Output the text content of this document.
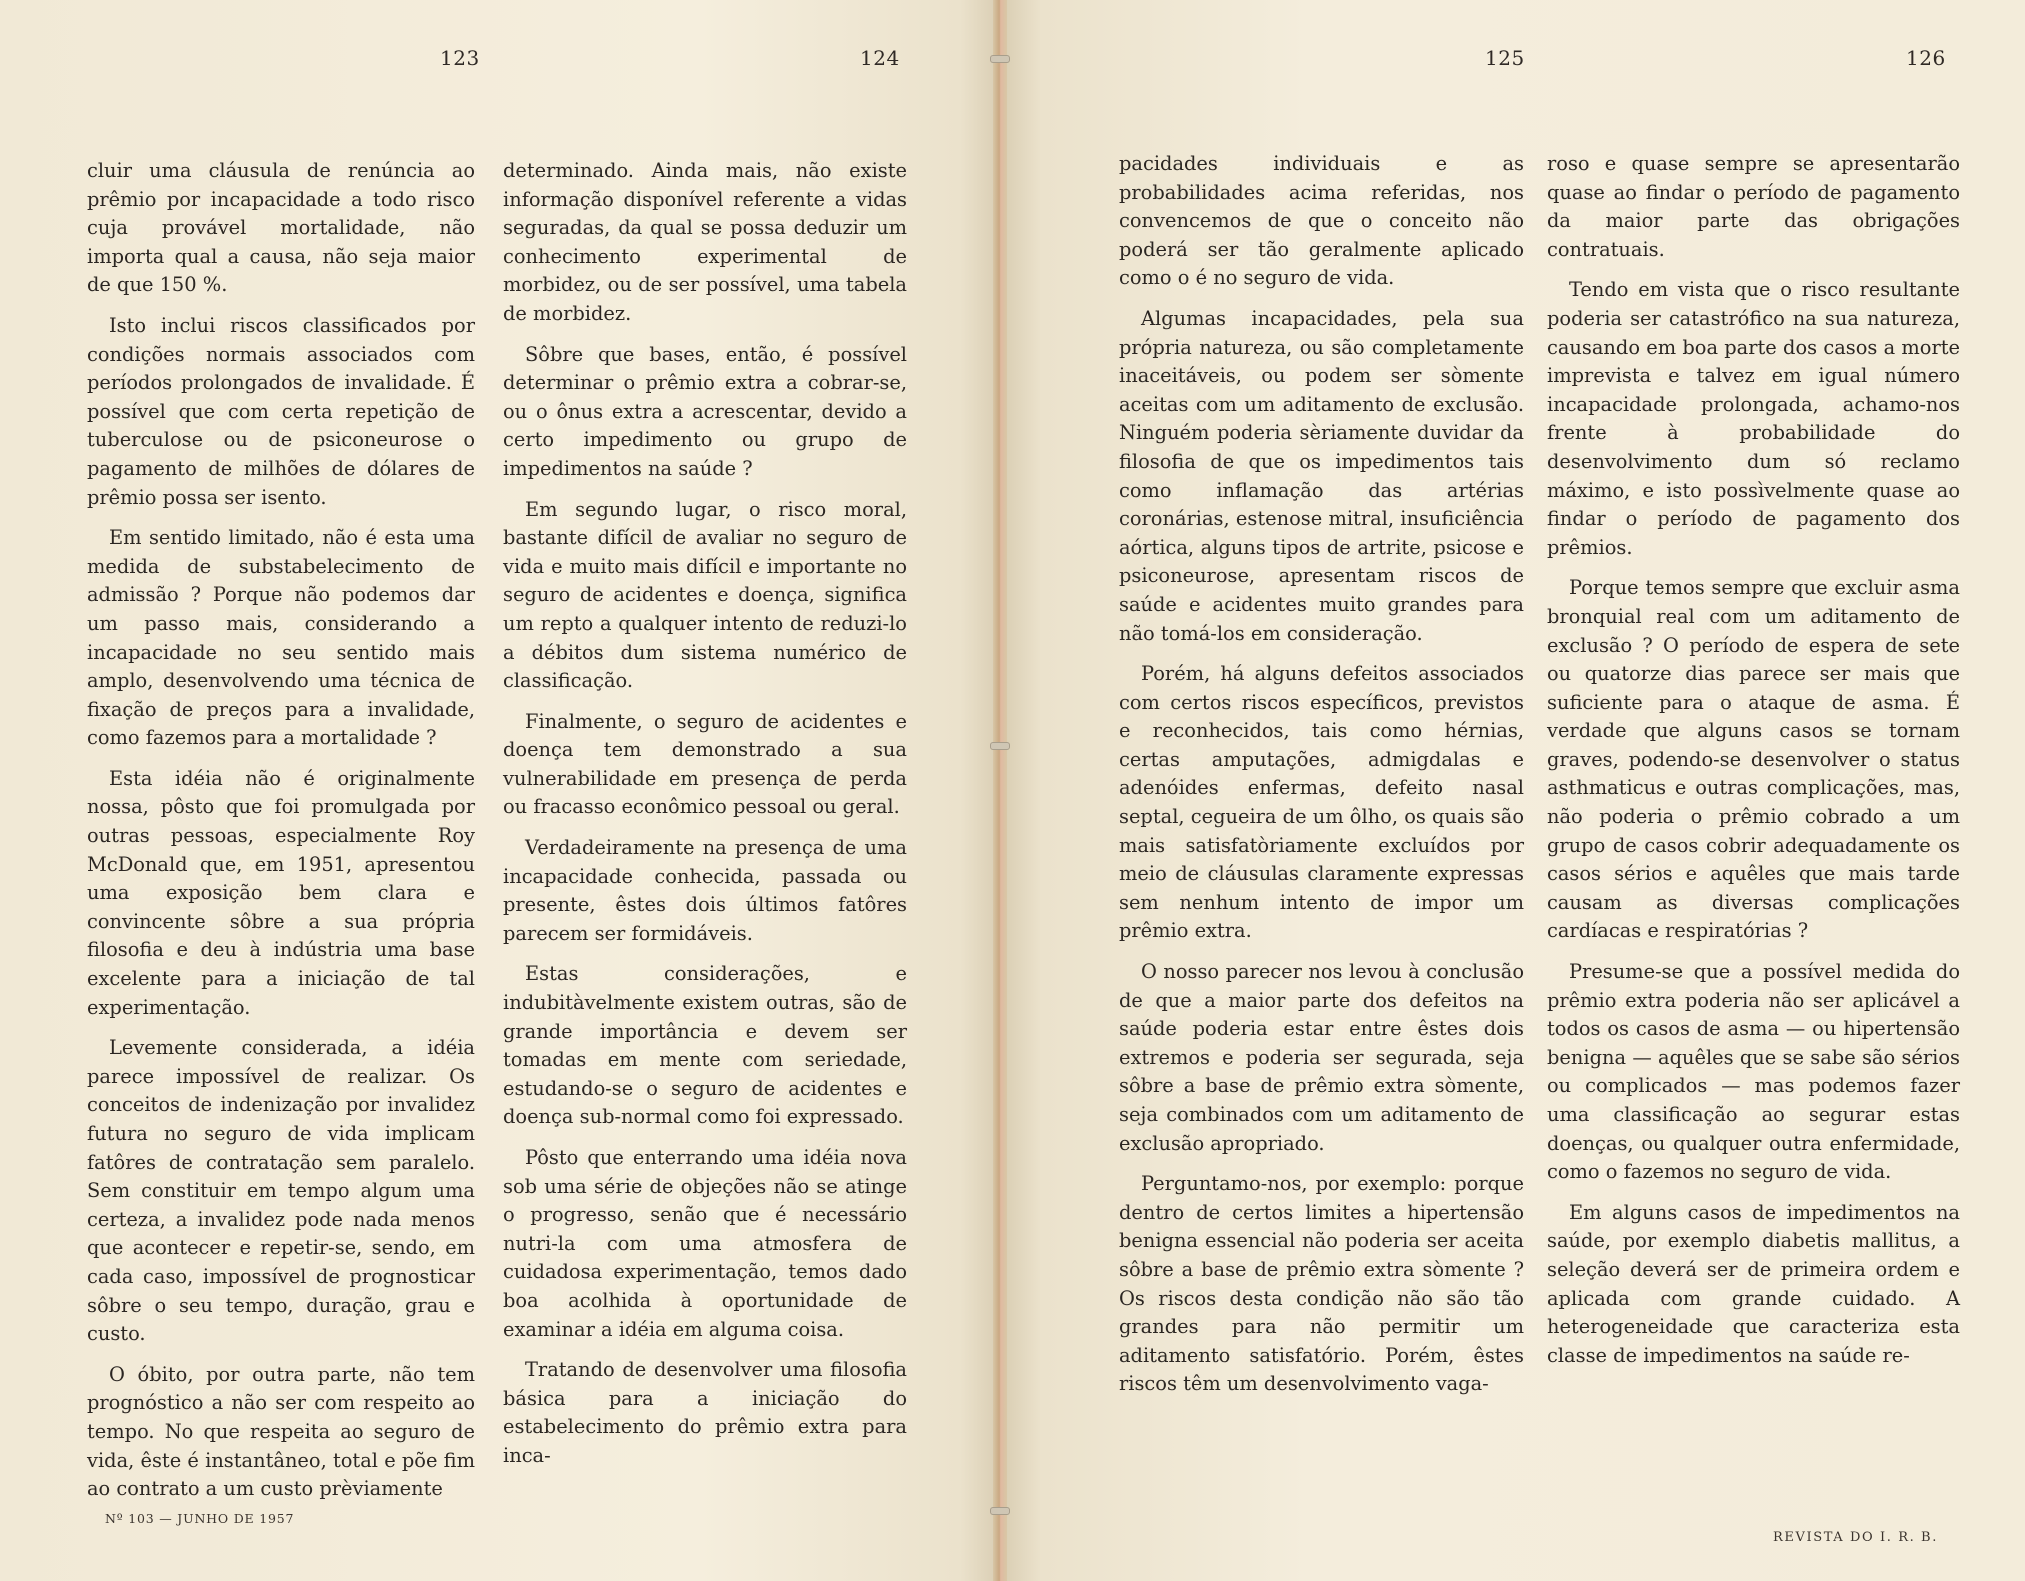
123	124	125	126

cluir uma cláusula de renúncia ao prêmio por incapacidade a todo risco cuja provável mortalidade, não importa qual a causa, não seja maior de que 150 %.

Isto inclui riscos classificados por condições normais associados com períodos prolongados de invalidade. É possível que com certa repetição de tuberculose ou de psiconeurose o pagamento de milhões de dólares de prêmio possa ser isento.

Em sentido limitado, não é esta uma medida de substabelecimento de admissão ? Porque não podemos dar um passo mais, considerando a incapacidade no seu sentido mais amplo, desenvolvendo uma técnica de fixação de preços para a invalidade, como fazemos para a mortalidade ?

Esta idéia não é originalmente nossa, pôsto que foi promulgada por outras pessoas, especialmente Roy McDonald que, em 1951, apresentou uma exposição bem clara e convincente sôbre a sua própria filosofia e deu à indústria uma base excelente para a iniciação de tal experimentação.

Levemente considerada, a idéia parece impossível de realizar. Os conceitos de indenização por invalidez futura no seguro de vida implicam fatôres de contratação sem paralelo. Sem constituir em tempo algum uma certeza, a invalidez pode nada menos que acontecer e repetir-se, sendo, em cada caso, impossível de prognosticar sôbre o seu tempo, duração, grau e custo.

O óbito, por outra parte, não tem prognóstico a não ser com respeito ao tempo. No que respeita ao seguro de vida, êste é instantâneo, total e põe fim ao contrato a um custo prèviamente

determinado. Ainda mais, não existe informação disponível referente a vidas seguradas, da qual se possa deduzir um conhecimento experimental de morbidez, ou de ser possível, uma tabela de morbidez.

Sôbre que bases, então, é possível determinar o prêmio extra a cobrar-se, ou o ônus extra a acrescentar, devido a certo impedimento ou grupo de impedimentos na saúde ?

Em segundo lugar, o risco moral, bastante difícil de avaliar no seguro de vida e muito mais difícil e importante no seguro de acidentes e doença, significa um repto a qualquer intento de reduzi-lo a débitos dum sistema numérico de classificação.

Finalmente, o seguro de acidentes e doença tem demonstrado a sua vulnerabilidade em presença de perda ou fracasso econômico pessoal ou geral.

Verdadeiramente na presença de uma incapacidade conhecida, passada ou presente, êstes dois últimos fatôres parecem ser formidáveis.

Estas considerações, e indubitàvelmente existem outras, são de grande importância e devem ser tomadas em mente com seriedade, estudando-se o seguro de acidentes e doença sub-normal como foi expressado.

Pôsto que enterrando uma idéia nova sob uma série de objeções não se atinge o progresso, senão que é necessário nutri-la com uma atmosfera de cuidadosa experimentação, temos dado boa acolhida à oportunidade de examinar a idéia em alguma coisa.

Tratando de desenvolver uma filosofia básica para a iniciação do estabelecimento do prêmio extra para inca-

pacidades individuais e as probabilidades acima referidas, nos convencemos de que o conceito não poderá ser tão geralmente aplicado como o é no seguro de vida.

Algumas incapacidades, pela sua própria natureza, ou são completamente inaceitáveis, ou podem ser sòmente aceitas com um aditamento de exclusão. Ninguém poderia sèriamente duvidar da filosofia de que os impedimentos tais como inflamação das artérias coronárias, estenose mitral, insuficiência aórtica, alguns tipos de artrite, psicose e psiconeurose, apresentam riscos de saúde e acidentes muito grandes para não tomá-los em consideração.

Porém, há alguns defeitos associados com certos riscos específicos, previstos e reconhecidos, tais como hérnias, certas amputações, admigdalas e adenóides enfermas, defeito nasal septal, cegueira de um ôlho, os quais são mais satisfatòriamente excluídos por meio de cláusulas claramente expressas sem nenhum intento de impor um prêmio extra.

O nosso parecer nos levou à conclusão de que a maior parte dos defeitos na saúde poderia estar entre êstes dois extremos e poderia ser segurada, seja sôbre a base de prêmio extra sòmente, seja combinados com um aditamento de exclusão apropriado.

Perguntamo-nos, por exemplo: porque dentro de certos limites a hipertensão benigna essencial não poderia ser aceita sôbre a base de prêmio extra sòmente ? Os riscos desta condição não são tão grandes para não permitir um aditamento satisfatório. Porém, êstes riscos têm um desenvolvimento vaga-

roso e quase sempre se apresentarão quase ao findar o período de pagamento da maior parte das obrigações contratuais.

Tendo em vista que o risco resultante poderia ser catastrófico na sua natureza, causando em boa parte dos casos a morte imprevista e talvez em igual número incapacidade prolongada, achamo-nos frente à probabilidade do desenvolvimento dum só reclamo máximo, e isto possìvelmente quase ao findar o período de pagamento dos prêmios.

Porque temos sempre que excluir asma bronquial real com um aditamento de exclusão ? O período de espera de sete ou quatorze dias parece ser mais que suficiente para o ataque de asma. É verdade que alguns casos se tornam graves, podendo-se desenvolver o status asthmaticus e outras complicações, mas, não poderia o prêmio cobrado a um grupo de casos cobrir adequadamente os casos sérios e aquêles que mais tarde causam as diversas complicações cardíacas e respiratórias ?

Presume-se que a possível medida do prêmio extra poderia não ser aplicável a todos os casos de asma — ou hipertensão benigna — aquêles que se sabe são sérios ou complicados — mas podemos fazer uma classificação ao segurar estas doenças, ou qualquer outra enfermidade, como o fazemos no seguro de vida.

Em alguns casos de impedimentos na saúde, por exemplo diabetis mallitus, a seleção deverá ser de primeira ordem e aplicada com grande cuidado. A heterogeneidade que caracteriza esta classe de impedimentos na saúde re-

Nº 103 — JUNHO DE 1957
REVISTA DO I. R. B.
